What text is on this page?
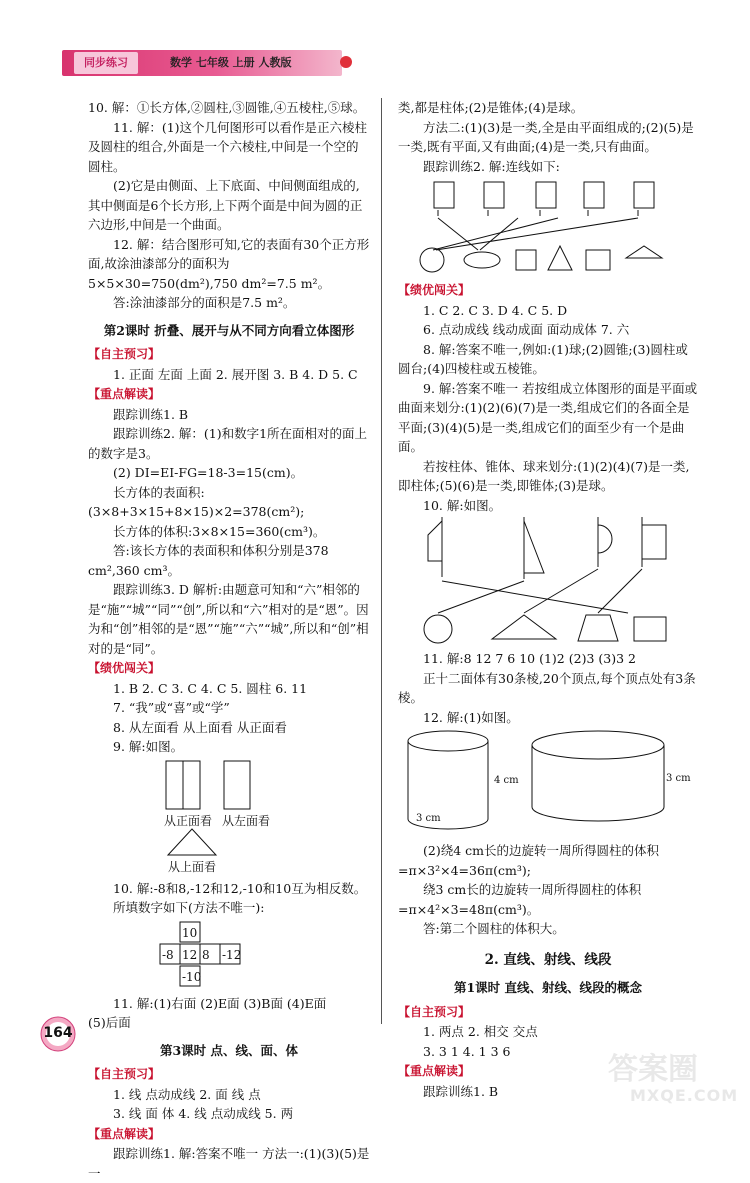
同步练习	数学 七年级 上册 人教版
10. 解：①长方体,②圆柱,③圆锥,④五棱柱,⑤球。
11. 解：(1)这个几何图形可以看作是正六棱柱及圆柱的组合,外面是一个六棱柱,中间是一个空的圆柱。
(2)它是由侧面、上下底面、中间侧面组成的,其中侧面是6个长方形,上下两个面是中间为圆的正六边形,中间是一个曲面。
12. 解：结合图形可知,它的表面有30个正方形面,故涂油漆部分的面积为5×5×30=750(dm²),750 dm²=7.5 m²。
答:涂油漆部分的面积是7.5 m²。
第2课时 折叠、展开与从不同方向看立体图形
【自主预习】
1. 正面 左面 上面 2. 展开图 3. B 4. D 5. C
【重点解读】
跟踪训练1. B
跟踪训练2. 解：(1)和数字1所在面相对的面上的数字是3。
(2) DI=EI-FG=18-3=15(cm)。
长方体的表面积:(3×8+3×15+8×15)×2=378(cm²);
长方体的体积:3×8×15=360(cm³)。
答:该长方体的表面积和体积分别是378 cm²,360 cm³。
跟踪训练3. D 解析:由题意可知和“六”相邻的是“施”“城”“同”“创”,所以和“六”相对的是“恩”。因为和“创”相邻的是“恩”“施”“六”“城”,所以和“创”相对的是“同”。
【绩优闯关】
1. B 2. C 3. C 4. C 5. 圆柱 6. 11
7. “我”或“喜”或“学”
8. 从左面看 从上面看 从正面看
9. 解:如图。
从正面看 从左面看
从上面看
10. 解:-8和8,-12和12,-10和10互为相反数。
所填数字如下(方法不唯一):
10
-8 12 8 -12
-10
11. 解:(1)右面 (2)E面 (3)B面 (4)E面
(5)后面
第3课时 点、线、面、体
【自主预习】
1. 线 点动成线 2. 面 线 点
3. 线 面 体 4. 线 点动成线 5. 两
【重点解读】
跟踪训练1. 解:答案不唯一 方法一:(1)(3)(5)是一
类,都是柱体;(2)是锥体;(4)是球。
方法二:(1)(3)是一类,全是由平面组成的;(2)(5)是一类,既有平面,又有曲面;(4)是一类,只有曲面。
跟踪训练2. 解:连线如下:
【绩优闯关】
1. C 2. C 3. D 4. C 5. D
6. 点动成线 线动成面 面动成体 7. 六
8. 解:答案不唯一,例如:(1)球;(2)圆锥;(3)圆柱或圆台;(4)四棱柱或五棱锥。
9. 解:答案不唯一 若按组成立体图形的面是平面或曲面来划分:(1)(2)(6)(7)是一类,组成它们的各面全是平面;(3)(4)(5)是一类,组成它们的面至少有一个是曲面。
若按柱体、锥体、球来划分:(1)(2)(4)(7)是一类,即柱体;(5)(6)是一类,即锥体;(3)是球。
10. 解:如图。
11. 解:8 12 7 6 10 (1)2 (2)3 (3)3 2
正十二面体有30条棱,20个顶点,每个顶点处有3条棱。
12. 解:(1)如图。
4 cm
3 cm
3 cm
(2)绕4 cm长的边旋转一周所得圆柱的体积=π×3²×4=36π(cm³);
绕3 cm长的边旋转一周所得圆柱的体积=π×4²×3=48π(cm³)。
答:第二个圆柱的体积大。
2. 直线、射线、线段
第1课时 直线、射线、线段的概念
【自主预习】
1. 两点 2. 相交 交点
3. 3 1 4. 1 3 6
【重点解读】
跟踪训练1. B
164
答案圈
MXQE.COM
